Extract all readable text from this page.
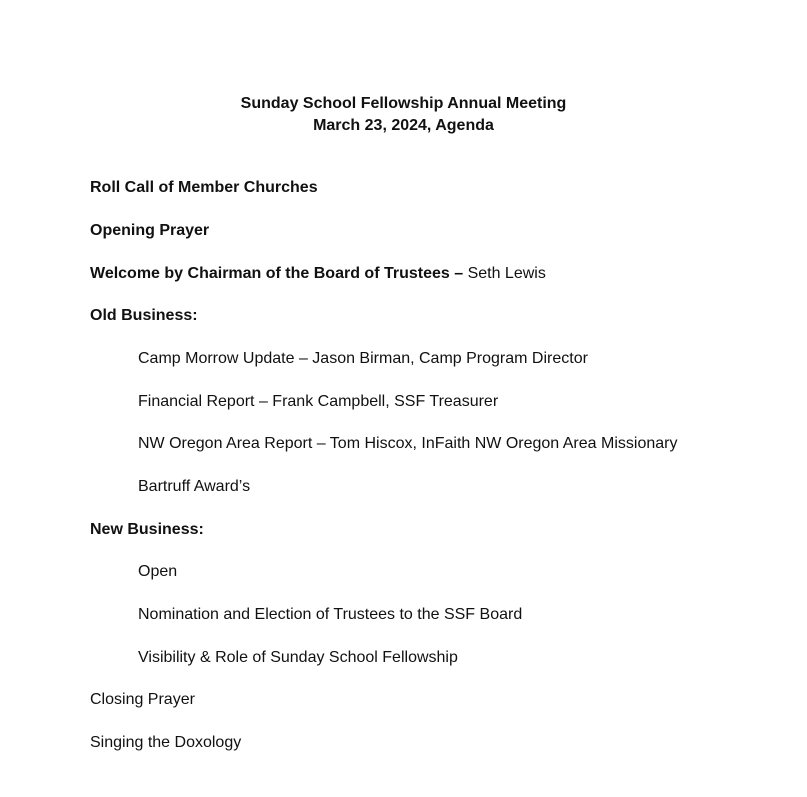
Sunday School Fellowship Annual Meeting
March 23, 2024, Agenda
Roll Call of Member Churches
Opening Prayer
Welcome by Chairman of the Board of Trustees – Seth Lewis
Old Business:
Camp Morrow Update – Jason Birman, Camp Program Director
Financial Report – Frank Campbell, SSF Treasurer
NW Oregon Area Report – Tom Hiscox, InFaith NW Oregon Area Missionary
Bartruff Award’s
New Business:
Open
Nomination and Election of Trustees to the SSF Board
Visibility & Role of Sunday School Fellowship
Closing Prayer
Singing the Doxology
